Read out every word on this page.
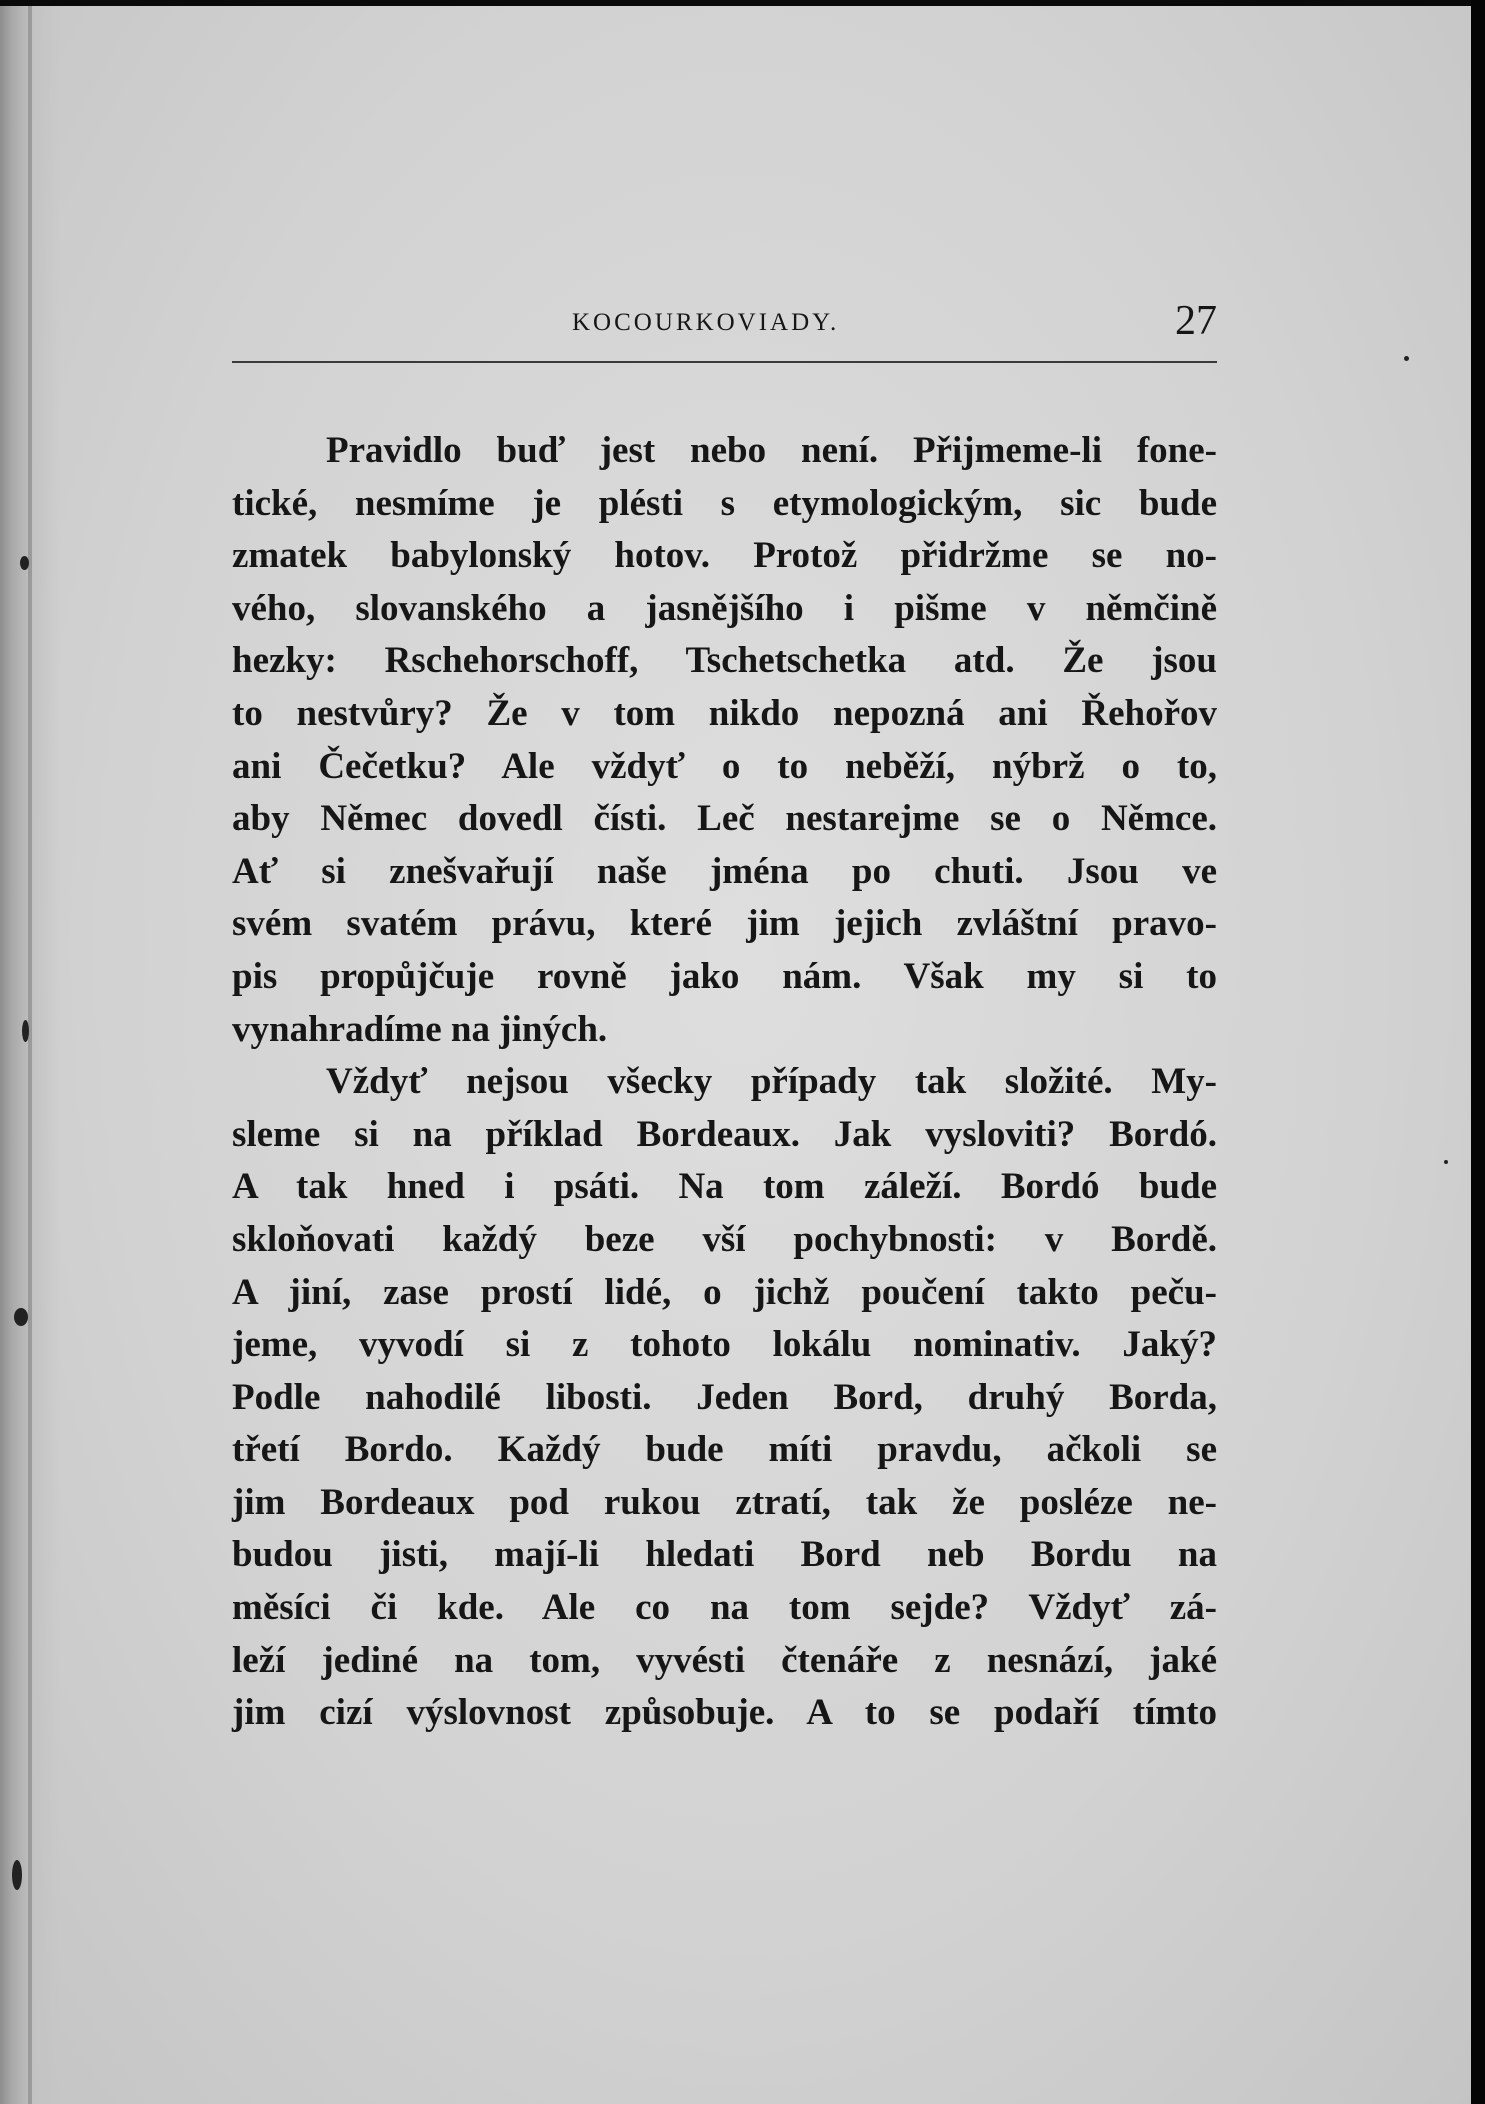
KOCOURKOVIADY.	27
Pravidlo buď jest nebo není. Přijmeme-li fone-
tické, nesmíme je plésti s etymologickým, sic bude
zmatek babylonský hotov. Protož přidržme se no-
vého, slovanského a jasnějšího i pišme v němčině
hezky: Rschehorschoff, Tschetschetka atd. Že jsou
to nestvůry? Že v tom nikdo nepozná ani Řehořov
ani Čečetku? Ale vždyť o to neběží, nýbrž o to,
aby Němec dovedl čísti. Leč nestarejme se o Němce.
Ať si znešvařují naše jména po chuti. Jsou ve
svém svatém právu, které jim jejich zvláštní pravo-
pis propůjčuje rovně jako nám. Však my si to
vynahradíme na jiných.
Vždyť nejsou všecky případy tak složité. My-
sleme si na příklad Bordeaux. Jak vysloviti? Bordó.
A tak hned i psáti. Na tom záleží. Bordó bude
skloňovati každý beze vší pochybnosti: v Bordě.
A jiní, zase prostí lidé, o jichž poučení takto peču-
jeme, vyvodí si z tohoto lokálu nominativ. Jaký?
Podle nahodilé libosti. Jeden Bord, druhý Borda,
třetí Bordo. Každý bude míti pravdu, ačkoli se
jim Bordeaux pod rukou ztratí, tak že posléze ne-
budou jisti, mají-li hledati Bord neb Bordu na
měsíci či kde. Ale co na tom sejde? Vždyť zá-
leží jediné na tom, vyvésti čtenáře z nesnází, jaké
jim cizí výslovnost způsobuje. A to se podaří tímto
